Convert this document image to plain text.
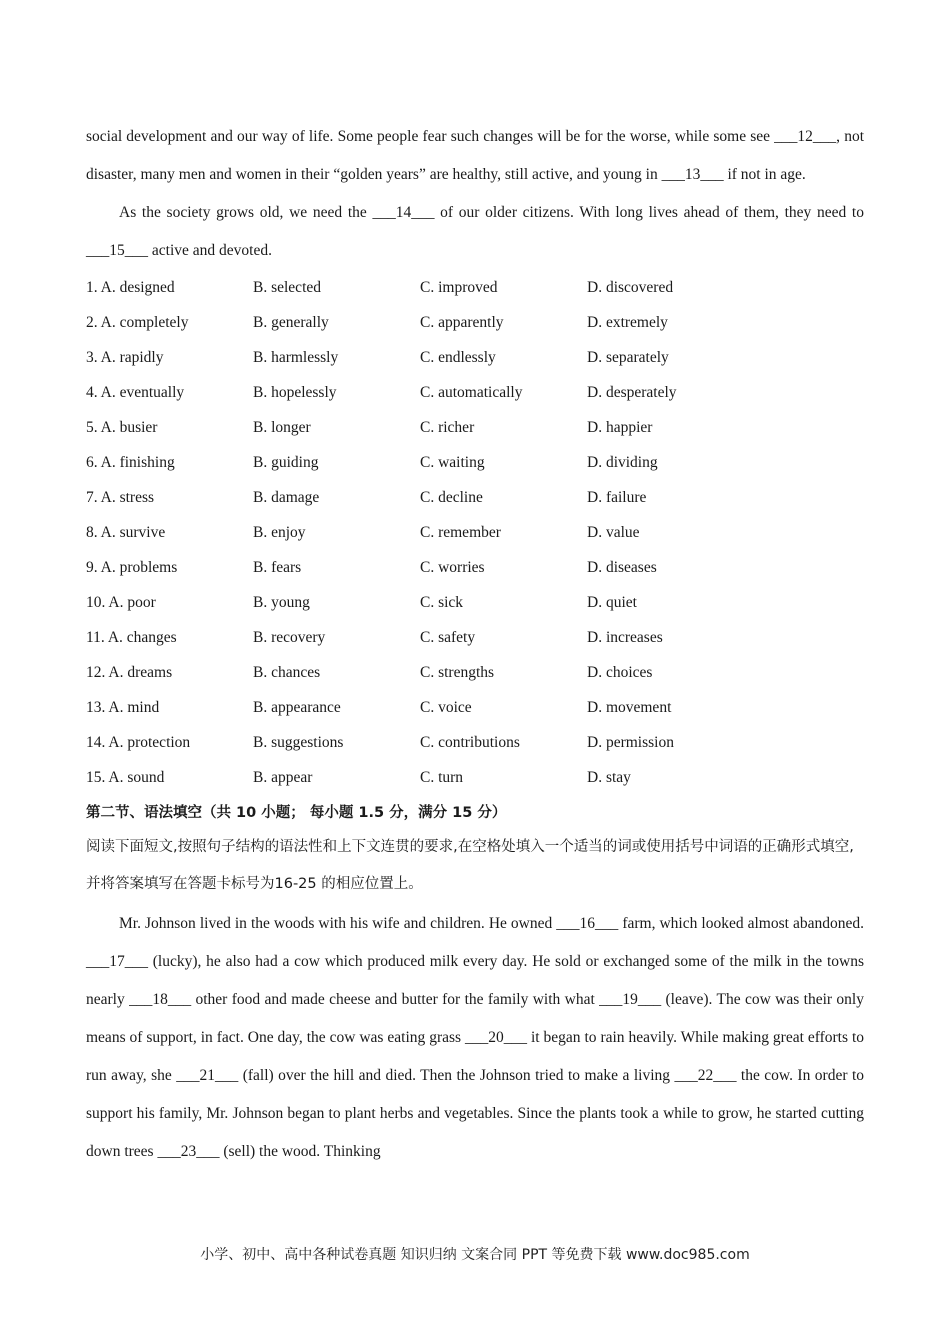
social development and our way of life. Some people fear such changes will be for the worse, while some see ___12___, not disaster, many men and women in their “golden years” are healthy, still active, and young in ___13___ if not in age.

As the society grows old, we need the ___14___ of our older citizens. With long lives ahead of them, they need to ___15___ active and devoted.

1. A. designed	B. selected	C. improved	D. discovered
2. A. completely	B. generally	C. apparently	D. extremely
3. A. rapidly	B. harmlessly	C. endlessly	D. separately
4. A. eventually	B. hopelessly	C. automatically	D. desperately
5. A. busier	B. longer	C. richer	D. happier
6. A. finishing	B. guiding	C. waiting	D. dividing
7. A. stress	B. damage	C. decline	D. failure
8. A. survive	B. enjoy	C. remember	D. value
9. A. problems	B. fears	C. worries	D. diseases
10. A. poor	B. young	C. sick	D. quiet
11. A. changes	B. recovery	C. safety	D. increases
12. A. dreams	B. chances	C. strengths	D. choices
13. A. mind	B. appearance	C. voice	D. movement
14. A. protection	B. suggestions	C. contributions	D. permission
15. A. sound	B. appear	C. turn	D. stay

第二节、语法填空（共 10 小题； 每小题 1.5 分，满分 15 分）

阅读下面短文,按照句子结构的语法性和上下文连贯的要求,在空格处填入一个适当的词或使用括号中词语的正确形式填空,并将答案填写在答题卡标号为16-25 的相应位置上。

Mr. Johnson lived in the woods with his wife and children. He owned ___16___ farm, which looked almost abandoned. ___17___ (lucky), he also had a cow which produced milk every day. He sold or exchanged some of the milk in the towns nearly ___18___ other food and made cheese and butter for the family with what ___19___ (leave). The cow was their only means of support, in fact. One day, the cow was eating grass ___20___ it began to rain heavily. While making great efforts to run away, she ___21___ (fall) over the hill and died. Then the Johnson tried to make a living ___22___ the cow. In order to support his family, Mr. Johnson began to plant herbs and vegetables. Since the plants took a while to grow, he started cutting down trees ___23___ (sell) the wood. Thinking

小学、初中、高中各种试卷真题 知识归纳 文案合同 PPT 等免费下载 www.doc985.com
